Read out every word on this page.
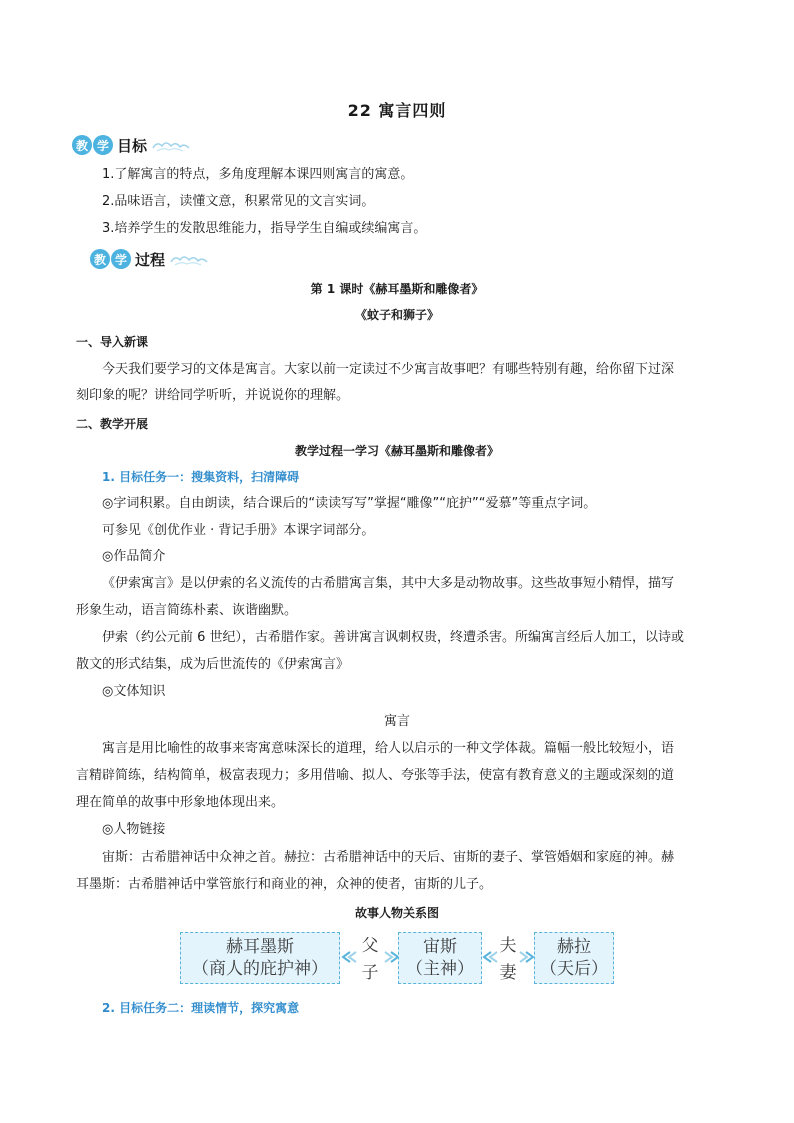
22 寓言四则
教 学 目标
1.了解寓言的特点，多角度理解本课四则寓言的寓意。
2.品味语言，读懂文意，积累常见的文言实词。
3.培养学生的发散思维能力，指导学生自编或续编寓言。
教 学 过程
第 1 课时《赫耳墨斯和雕像者》
《蚊子和狮子》
一、导入新课
今天我们要学习的文体是寓言。大家以前一定读过不少寓言故事吧？有哪些特别有趣，给你留下过深
刻印象的呢？讲给同学听听，并说说你的理解。
二、教学开展
教学过程一学习《赫耳墨斯和雕像者》
1. 目标任务一：搜集资料，扫清障碍
◎字词积累。自由朗读，结合课后的“读读写写”掌握“雕像”“庇护”“爱慕”等重点字词。
可参见《创优作业 · 背记手册》本课字词部分。
◎作品简介
《伊索寓言》是以伊索的名义流传的古希腊寓言集，其中大多是动物故事。这些故事短小精悍，描写
形象生动，语言简练朴素、诙谐幽默。
伊索（约公元前 6 世纪），古希腊作家。善讲寓言讽刺权贵，终遭杀害。所编寓言经后人加工，以诗或
散文的形式结集，成为后世流传的《伊索寓言》
◎文体知识
寓言
寓言是用比喻性的故事来寄寓意味深长的道理，给人以启示的一种文学体裁。篇幅一般比较短小，语
言精辟简练，结构简单，极富表现力；多用借喻、拟人、夸张等手法，使富有教育意义的主题或深刻的道
理在简单的故事中形象地体现出来。
◎人物链接
宙斯：古希腊神话中众神之首。赫拉：古希腊神话中的天后、宙斯的妻子、掌管婚姻和家庭的神。赫
耳墨斯：古希腊神话中掌管旅行和商业的神，众神的使者，宙斯的儿子。
故事人物关系图
赫耳墨斯
（商人的庇护神）
父
子
宙斯
（主神）
夫
妻
赫拉
（天后）
2. 目标任务二：理读情节，探究寓意
